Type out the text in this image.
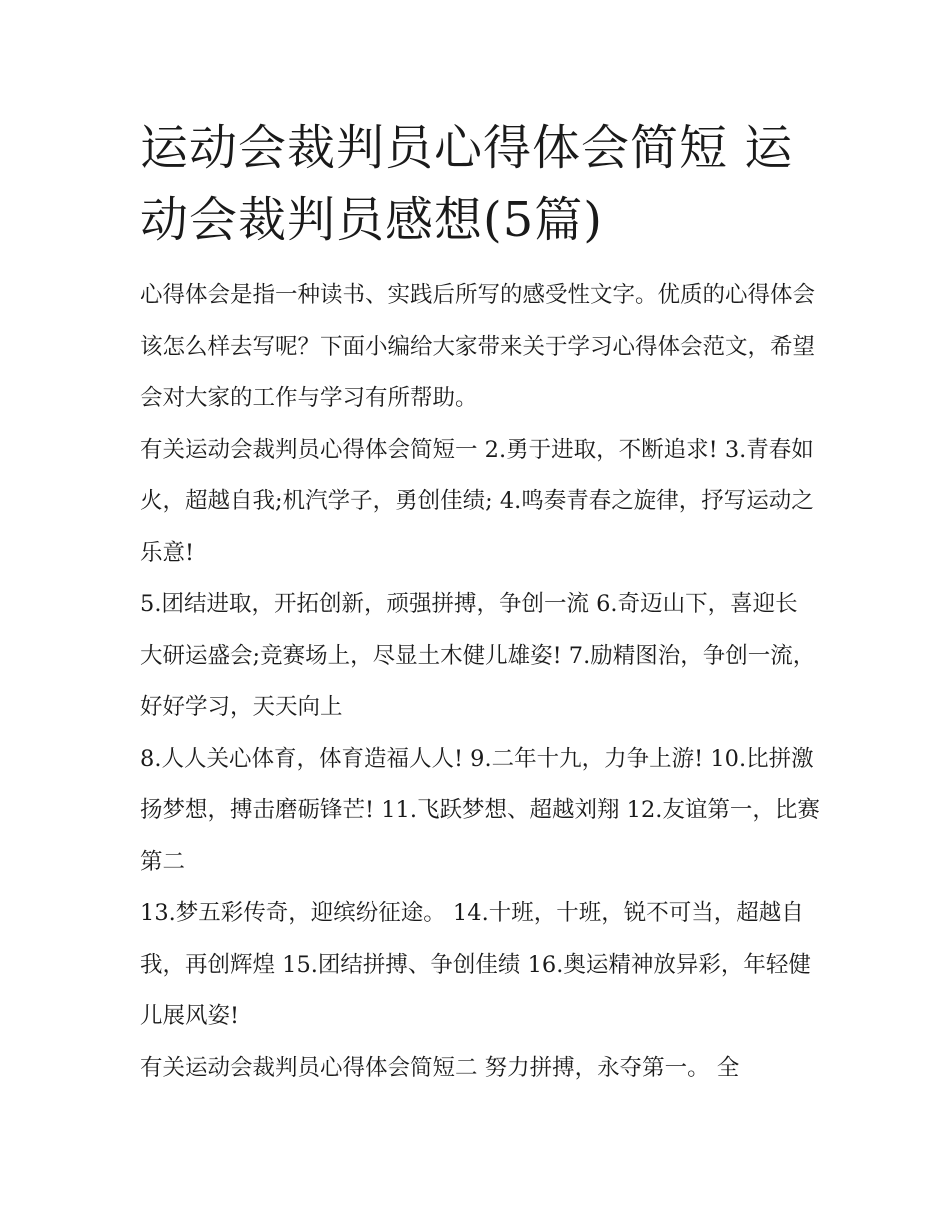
运动会裁判员心得体会简短 运动会裁判员感想(5篇)

心得体会是指一种读书、实践后所写的感受性文字。优质的心得体会该怎么样去写呢？下面小编给大家带来关于学习心得体会范文，希望会对大家的工作与学习有所帮助。

有关运动会裁判员心得体会简短一 2.勇于进取，不断追求! 3.青春如火，超越自我;机汽学子，勇创佳绩; 4.鸣奏青春之旋律，抒写运动之乐意!

5.团结进取，开拓创新，顽强拼搏，争创一流 6.奇迈山下，喜迎长大研运盛会;竞赛场上，尽显土木健儿雄姿! 7.励精图治，争创一流，好好学习，天天向上

8.人人关心体育，体育造福人人! 9.二年十九，力争上游! 10.比拼激扬梦想，搏击磨砺锋芒! 11.飞跃梦想、超越刘翔 12.友谊第一，比赛第二

13.梦五彩传奇，迎缤纷征途。 14.十班，十班，锐不可当，超越自我，再创辉煌 15.团结拼搏、争创佳绩 16.奥运精神放异彩，年轻健儿展风姿!

有关运动会裁判员心得体会简短二 努力拼搏，永夺第一。 全
